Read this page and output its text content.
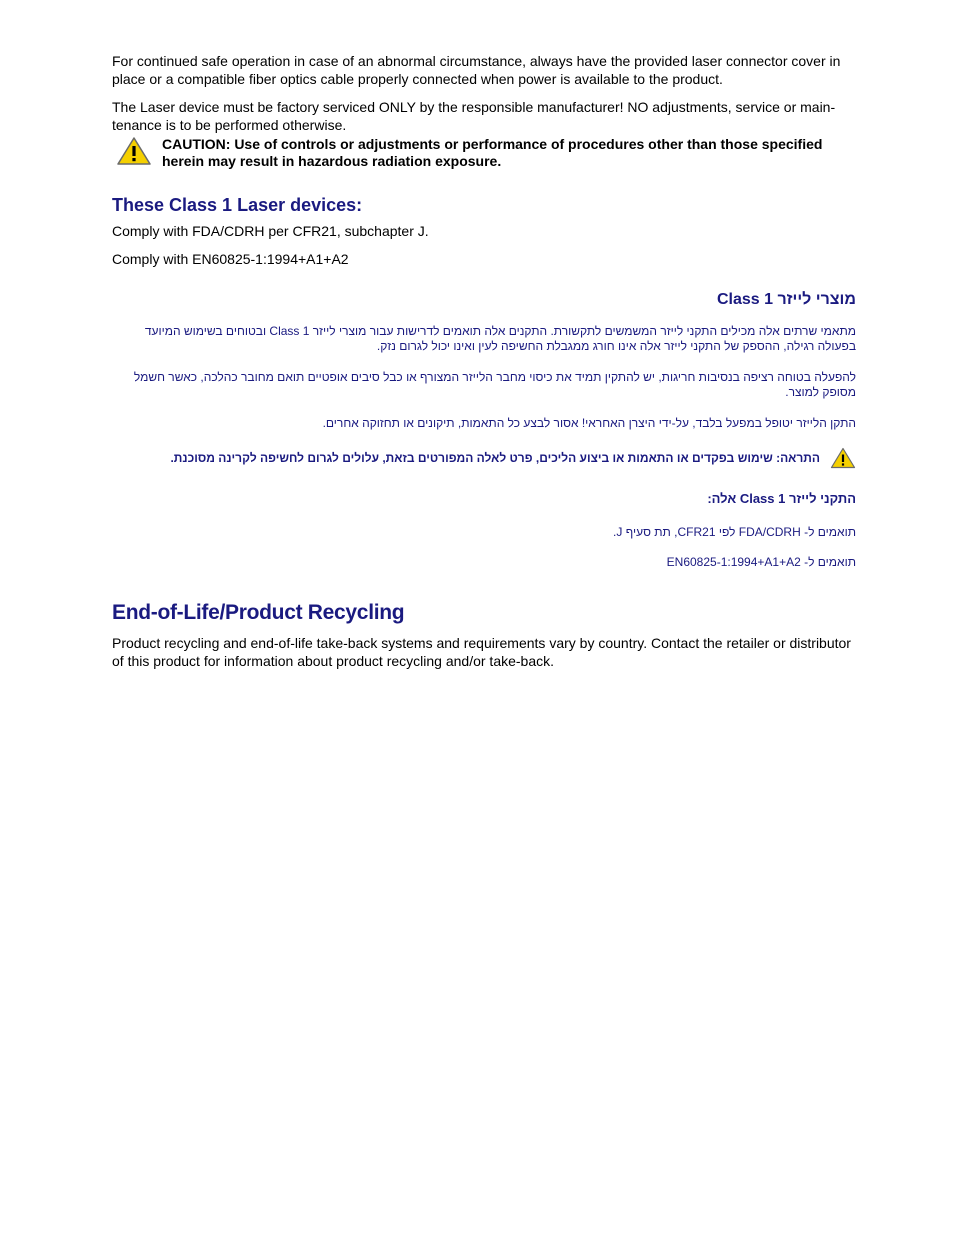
For continued safe operation in case of an abnormal circumstance, always have the provided laser connector cover in place or a compatible fiber optics cable properly connected when power is available to the product.

The Laser device must be factory serviced ONLY by the responsible manufacturer! NO adjustments, service or main-tenance is to be performed otherwise.

CAUTION: Use of controls or adjustments or performance of procedures other than those specified herein may result in hazardous radiation exposure.
These Class 1 Laser devices:

Comply with FDA/CDRH per CFR21, subchapter J.

Comply with EN60825-1:1994+A1+A2

מוצרי לייזר Class 1

מתאמי שרתים אלה מכילים התקני לייזר המשמשים לתקשורת. התקנים אלה תואמים לדרישות עבור מוצרי לייזר Class 1 ובטוחים בשימוש המיועד בפעולה רגילה, ההספק של התקני לייזר אלה אינו חורג ממגבלת החשיפה לעין ואינו יכול לגרום נזק.

להפעלה בטוחה רציפה בנסיבות חריגות, יש להתקין תמיד את כיסוי מחבר הלייזר המצורף או כבל סיבים אופטיים תואם מחובר כהלכה, כאשר חשמל מסופק למוצר.

התקן הלייזר יטופל במפעל בלבד, על-ידי היצרן האחראי! אסור לבצע כל התאמות, תיקונים או תחזוקה אחרים.

התראה: שימוש בפקדים או התאמות או ביצוע הליכים, פרט לאלה המפורטים בזאת, עלולים לגרום לחשיפה לקרינה מסוכנת.
התקני לייזר Class 1 אלה:
תואמים ל- FDA/CDRH לפי CFR21, תת סעיף J.
תואמים ל- EN60825-1:1994+A1+A2
End-of-Life/Product Recycling

Product recycling and end-of-life take-back systems and requirements vary by country. Contact the retailer or distributor of this product for information about product recycling and/or take-back.
